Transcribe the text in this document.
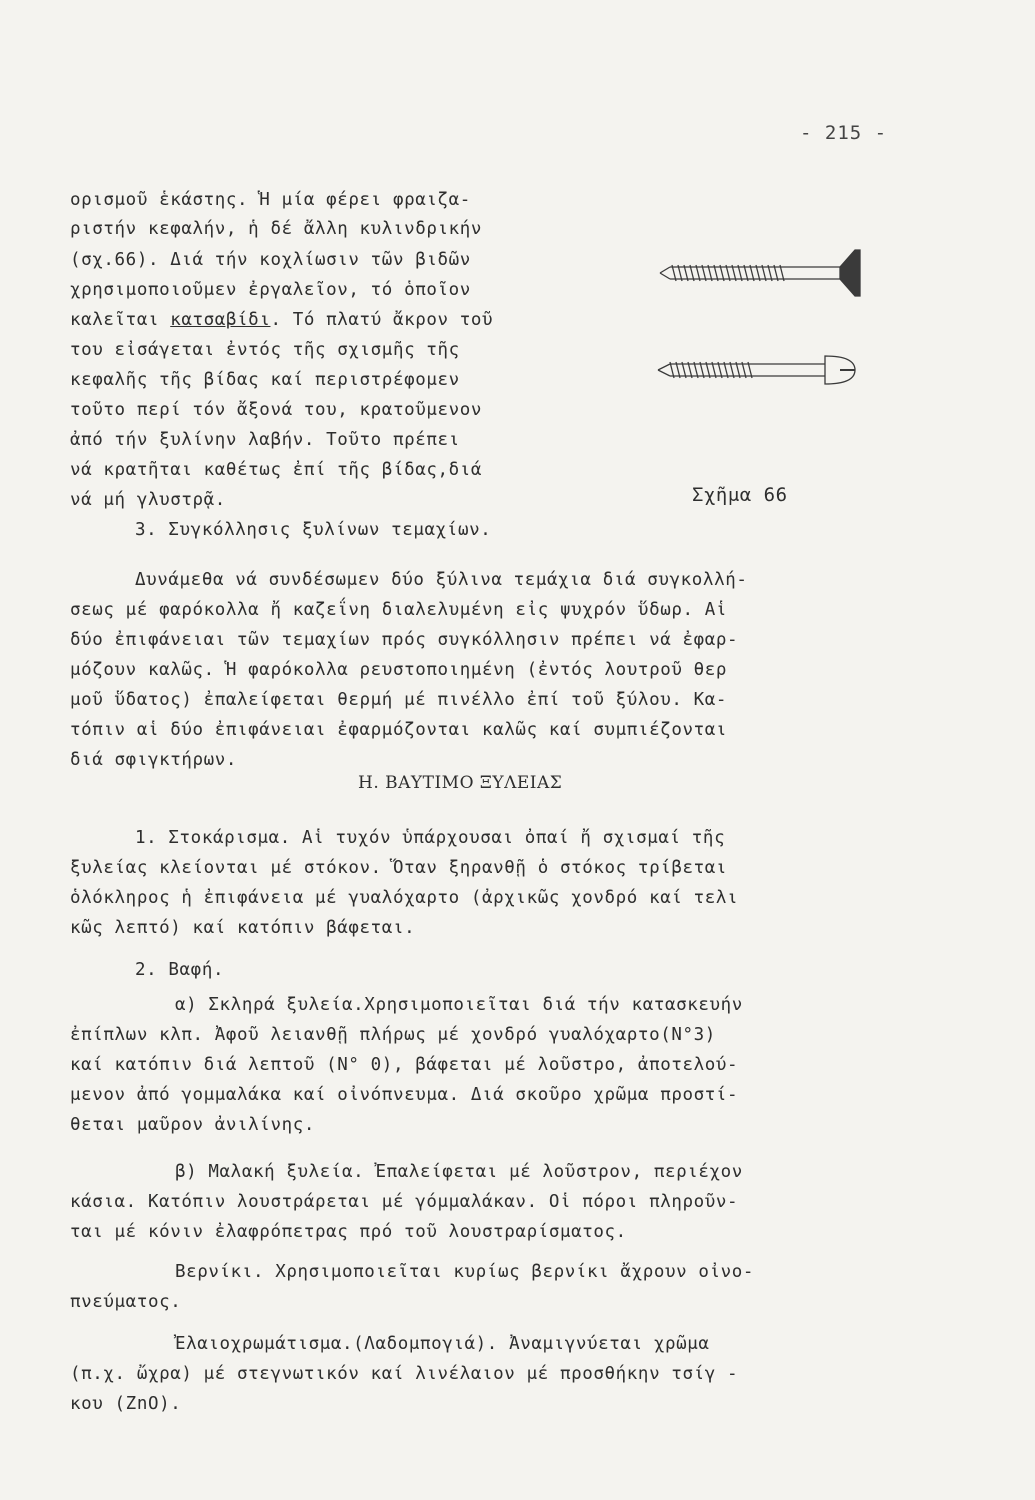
- 215 -
ορισμοῦ ἑκάστης. Ἡ μία φέρει φραιζα-
ριστήν κεφαλήν, ἡ δέ ἄλλη κυλινδρικήν
(σχ.66). Διά τήν κοχλίωσιν τῶν βιδῶν
χρησιμοποιοῦμεν ἐργαλεῖον, τό ὁποῖον
καλεῖται κατσαβίδι. Τό πλατύ ἄκρον τοῦ
του εἰσάγεται ἐντός τῆς σχισμῆς τῆς
κεφαλῆς τῆς βίδας καί περιστρέφομεν
τοῦτο περί τόν ἄξονά του, κρατοῦμενον
ἀπό τήν ξυλίνην λαβήν. Τοῦτο πρέπει
νά κρατῆται καθέτως ἐπί τῆς βίδας,διά
νά μή γλυστρᾷ.	Σχῆμα 66
3. Συγκόλλησις ξυλίνων τεμαχίων.
Δυνάμεθα νά συνδέσωμεν δύο ξύλινα τεμάχια διά συγκολλή-
σεως μέ φαρόκολλα ἤ καζεΐνη διαλελυμένη εἰς ψυχρόν ὕδωρ. Αἱ
δύο ἐπιφάνειαι τῶν τεμαχίων πρός συγκόλλησιν πρέπει νά ἐφαρ-
μόζουν καλῶς. Ἡ φαρόκολλα ρευστοποιημένη (ἐντός λουτροῦ θερ
μοῦ ὕδατος) ἐπαλείφεται θερμή μέ πινέλλο ἐπί τοῦ ξύλου. Κα-
τόπιν αἱ δύο ἐπιφάνειαι ἐφαρμόζονται καλῶς καί συμπιέζονται
διά σφιγκτήρων.
Η. ΒΑΥΤΙΜΟ ΞΥΛΕΙΑΣ
1. Στοκάρισμα. Αἱ τυχόν ὑπάρχουσαι ὀπαί ἤ σχισμαί τῆς
ξυλείας κλείονται μέ στόκον. Ὅταν ξηρανθῇ ὁ στόκος τρίβεται
ὁλόκληρος ἡ ἐπιφάνεια μέ γυαλόχαρτο (ἀρχικῶς χονδρό καί τελι
κῶς λεπτό) καί κατόπιν βάφεται.
2. Βαφή.
α) Σκληρά ξυλεία.Χρησιμοποιεῖται διά τήν κατασκευήν
ἐπίπλων κλπ. Ἀφοῦ λειανθῇ πλήρως μέ χονδρό γυαλόχαρτο(Ν°3)
καί κατόπιν διά λεπτοῦ (Ν° 0), βάφεται μέ λοῦστρο, ἀποτελού-
μενον ἀπό γομμαλάκα καί οἰνόπνευμα. Διά σκοῦρο χρῶμα προστί-
θεται μαῦρον ἀνιλίνης.
β) Μαλακή ξυλεία. Ἐπαλείφεται μέ λοῦστρον, περιέχον
κάσια. Κατόπιν λουστράρεται μέ γόμμαλάκαν. Οἱ πόροι πληροῦν-
ται μέ κόνιν ἐλαφρόπετρας πρό τοῦ λουστραρίσματος.
Βερνίκι. Χρησιμοποιεῖται κυρίως βερνίκι ἄχρουν οἰνο-
πνεύματος.
Ἐλαιοχρωμάτισμα.(Λαδομπογιά). Ἀναμιγνύεται χρῶμα
(π.χ. ὤχρα) μέ στεγνωτικόν καί λινέλαιον μέ προσθήκην τσίγ -
κου (ZnO).
